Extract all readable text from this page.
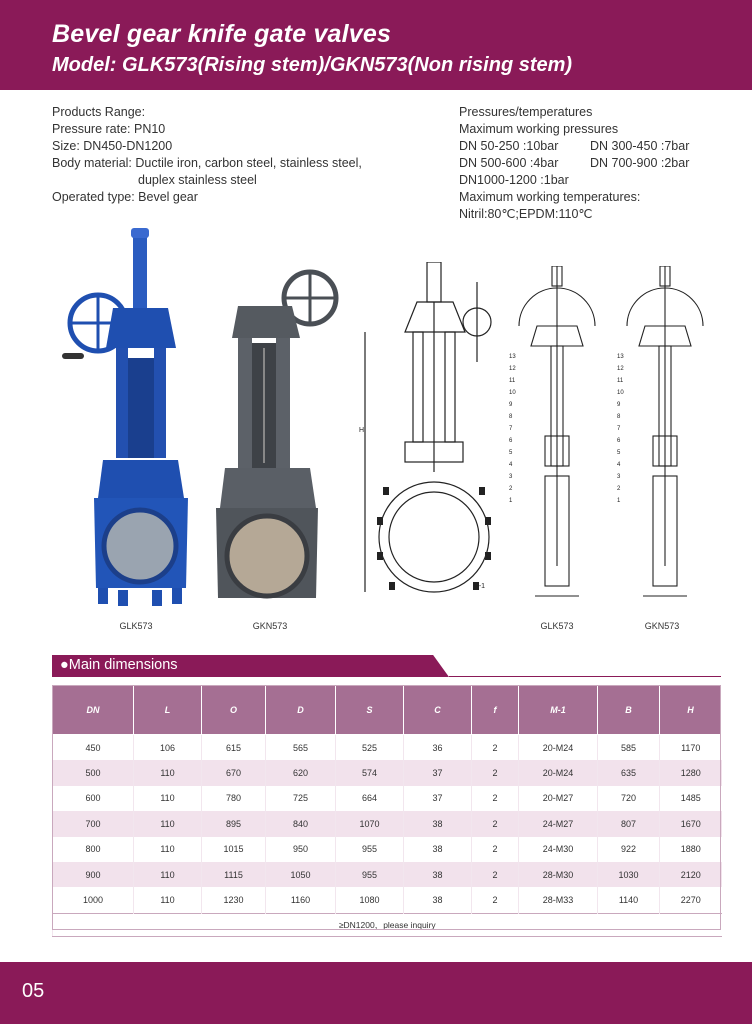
Bevel gear knife gate valves
Model: GLK573(Rising stem)/GKN573(Non rising stem)
Products Range:
Pressure rate: PN10
Size: DN450-DN1200
Body material: Ductile iron, carbon steel, stainless steel,
duplex stainless steel
Operated type: Bevel gear
Pressures/temperatures
Maximum working pressures
DN 50-250 :10bar	DN 300-450 :7bar
DN 500-600 :4bar	DN 700-900 :2bar
DN1000-1200 :1bar
Maximum working temperatures:
Nitril:80℃;EPDM:110℃
GLK573	GKN573
H
M-1
13
12
11
10
9
8
7
6
5
4
3
2
1
GLK573
13
12
11
10
9
8
7
6
5
4
3
2
1
GKN573
●Main dimensions
DN	L	O	D	S	C	f	M-1	B	H
450	106	615	565	525	36	2	20-M24	585	1170
500	110	670	620	574	37	2	20-M24	635	1280
600	110	780	725	664	37	2	20-M27	720	1485
700	110	895	840	1070	38	2	24-M27	807	1670
800	110	1015	950	955	38	2	24-M30	922	1880
900	110	1115	1050	955	38	2	28-M30	1030	2120
1000	110	1230	1160	1080	38	2	28-M33	1140	2270
≥DN1200，please inquiry									
05
